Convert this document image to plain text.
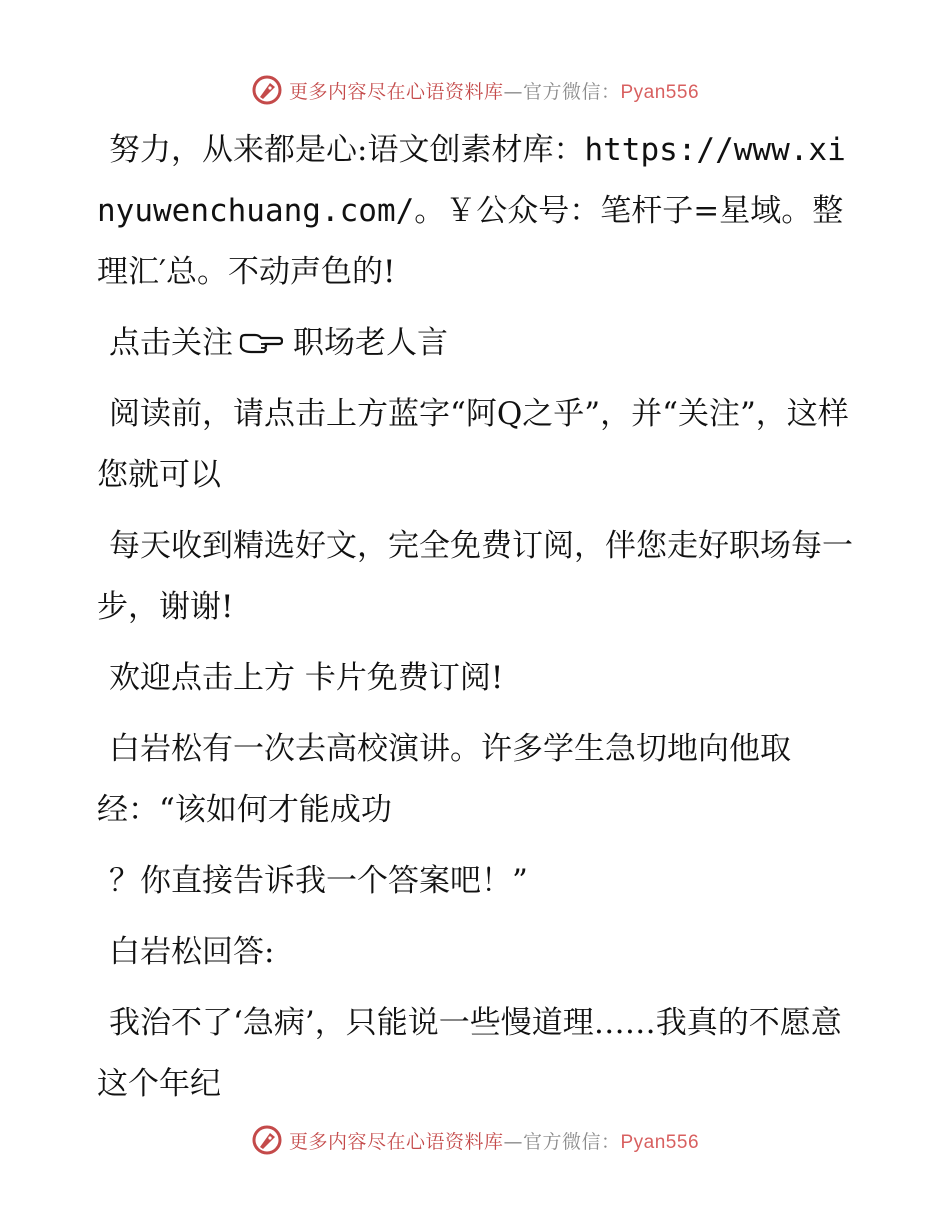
更多内容尽在心语资料库—官方微信：Pyan556

努力，从来都是心:语文创素材库：https://www.xinyuwenchuang.com/。￥公众号：笔杆子=星域。整理汇′总。不动声色的!

点击关注 职场老人言

阅读前，请点击上方蓝字“阿Q之乎”，并“关注”，这样您就可以

每天收到精选好文，完全免费订阅，伴您走好职场每一步，谢谢!

欢迎点击上方 卡片免费订阅!

白岩松有一次去高校演讲。许多学生急切地向他取经：“该如何才能成功

？你直接告诉我一个答案吧！”

白岩松回答:

我治不了‘急病’，只能说一些慢道理……我真的不愿意这个年纪

更多内容尽在心语资料库—官方微信：Pyan556
